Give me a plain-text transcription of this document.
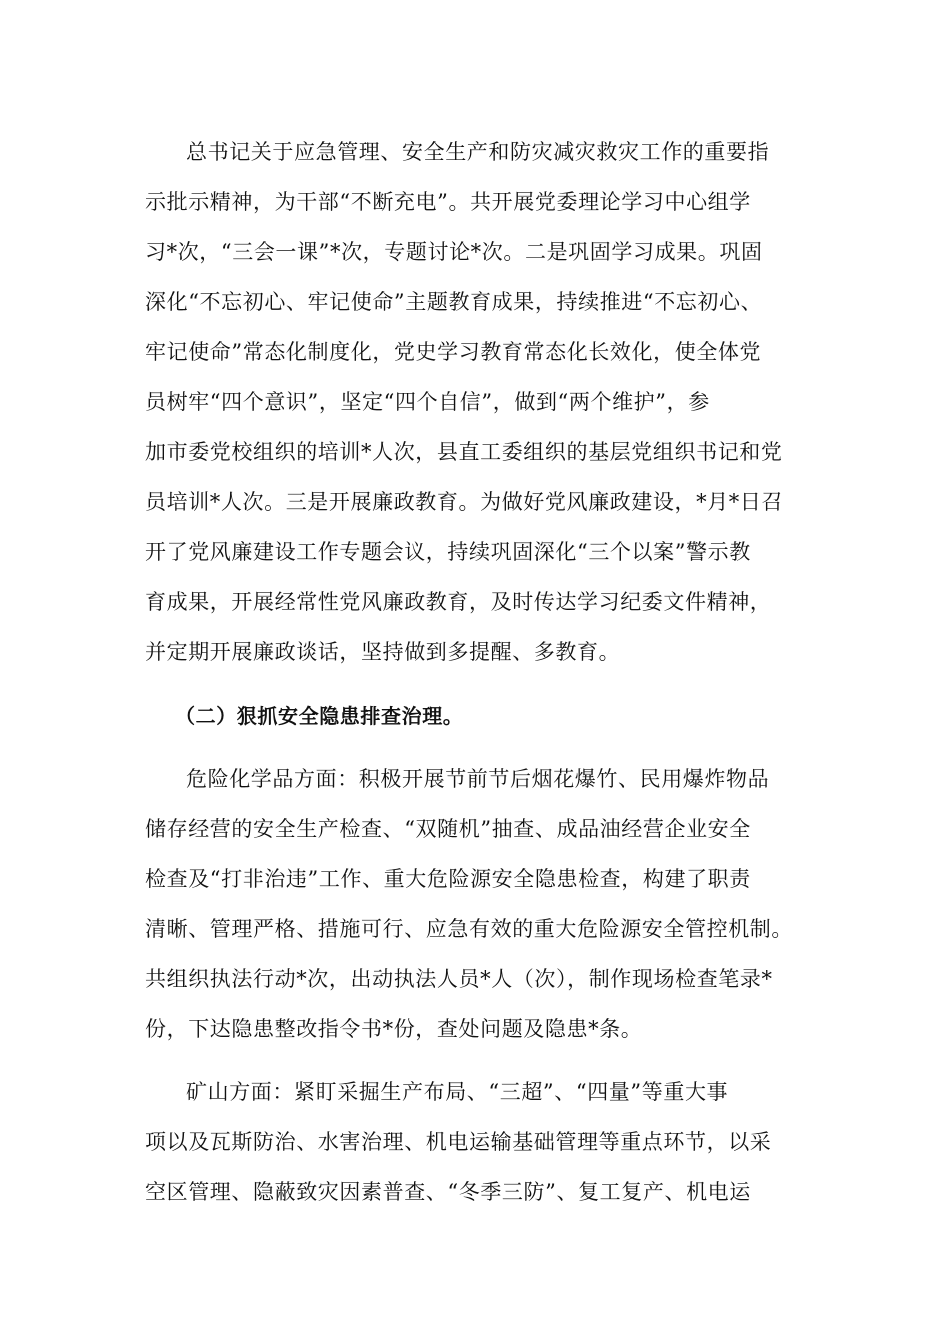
总书记关于应急管理、安全生产和防灾减灾救灾工作的重要指
示批示精神，为干部“不断充电”。共开展党委理论学习中心组学
习*次，“三会一课”*次，专题讨论*次。二是巩固学习成果。巩固
深化“不忘初心、牢记使命”主题教育成果，持续推进“不忘初心、
牢记使命”常态化制度化，党史学习教育常态化长效化，使全体党
员树牢“四个意识”，坚定“四个自信”，做到“两个维护”，参
加市委党校组织的培训*人次，县直工委组织的基层党组织书记和党
员培训*人次。三是开展廉政教育。为做好党风廉政建设，*月*日召
开了党风廉建设工作专题会议，持续巩固深化“三个以案”警示教
育成果，开展经常性党风廉政教育，及时传达学习纪委文件精神，
并定期开展廉政谈话，坚持做到多提醒、多教育。
（二）狠抓安全隐患排查治理。
危险化学品方面：积极开展节前节后烟花爆竹、民用爆炸物品
储存经营的安全生产检查、“双随机”抽查、成品油经营企业安全
检查及“打非治违”工作、重大危险源安全隐患检查，构建了职责
清晰、管理严格、措施可行、应急有效的重大危险源安全管控机制。
共组织执法行动*次，出动执法人员*人（次），制作现场检查笔录*
份，下达隐患整改指令书*份，查处问题及隐患*条。
矿山方面：紧盯采掘生产布局、“三超”、“四量”等重大事
项以及瓦斯防治、水害治理、机电运输基础管理等重点环节，以采
空区管理、隐蔽致灾因素普查、“冬季三防”、复工复产、机电运
